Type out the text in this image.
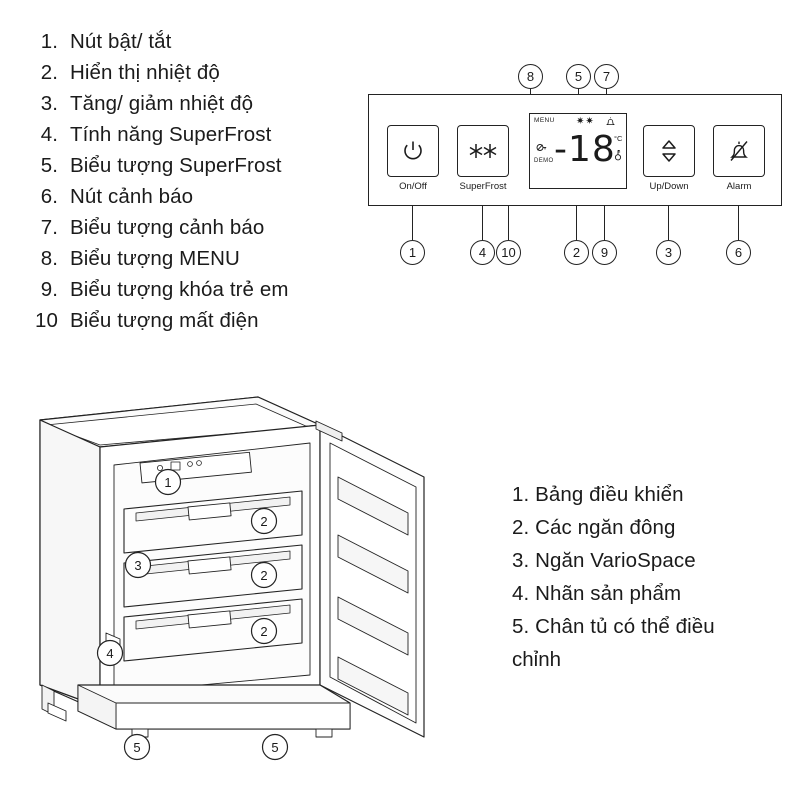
1. Nút bật/ tắt
2. Hiển thị nhiệt độ
3. Tăng/ giảm nhiệt độ
4. Tính năng SuperFrost
5. Biểu tượng SuperFrost
6. Nút cảnh báo
7. Biểu tượng cảnh báo
8. Biểu tượng MENU
9. Biểu tượng khóa trẻ em
10 Biểu tượng mất điện
8	5	7
On/Off	SuperFrost
MENU ✷✷
DEMO -18
°C
Up/Down	Alarm
1	4	10	2	9	3	6
1
2
2
2
3
4
5	5
1. Bảng điều khiển
2. Các ngăn đông
3. Ngăn VarioSpace
4. Nhãn sản phẩm
5. Chân tủ có thể điều
chỉnh
